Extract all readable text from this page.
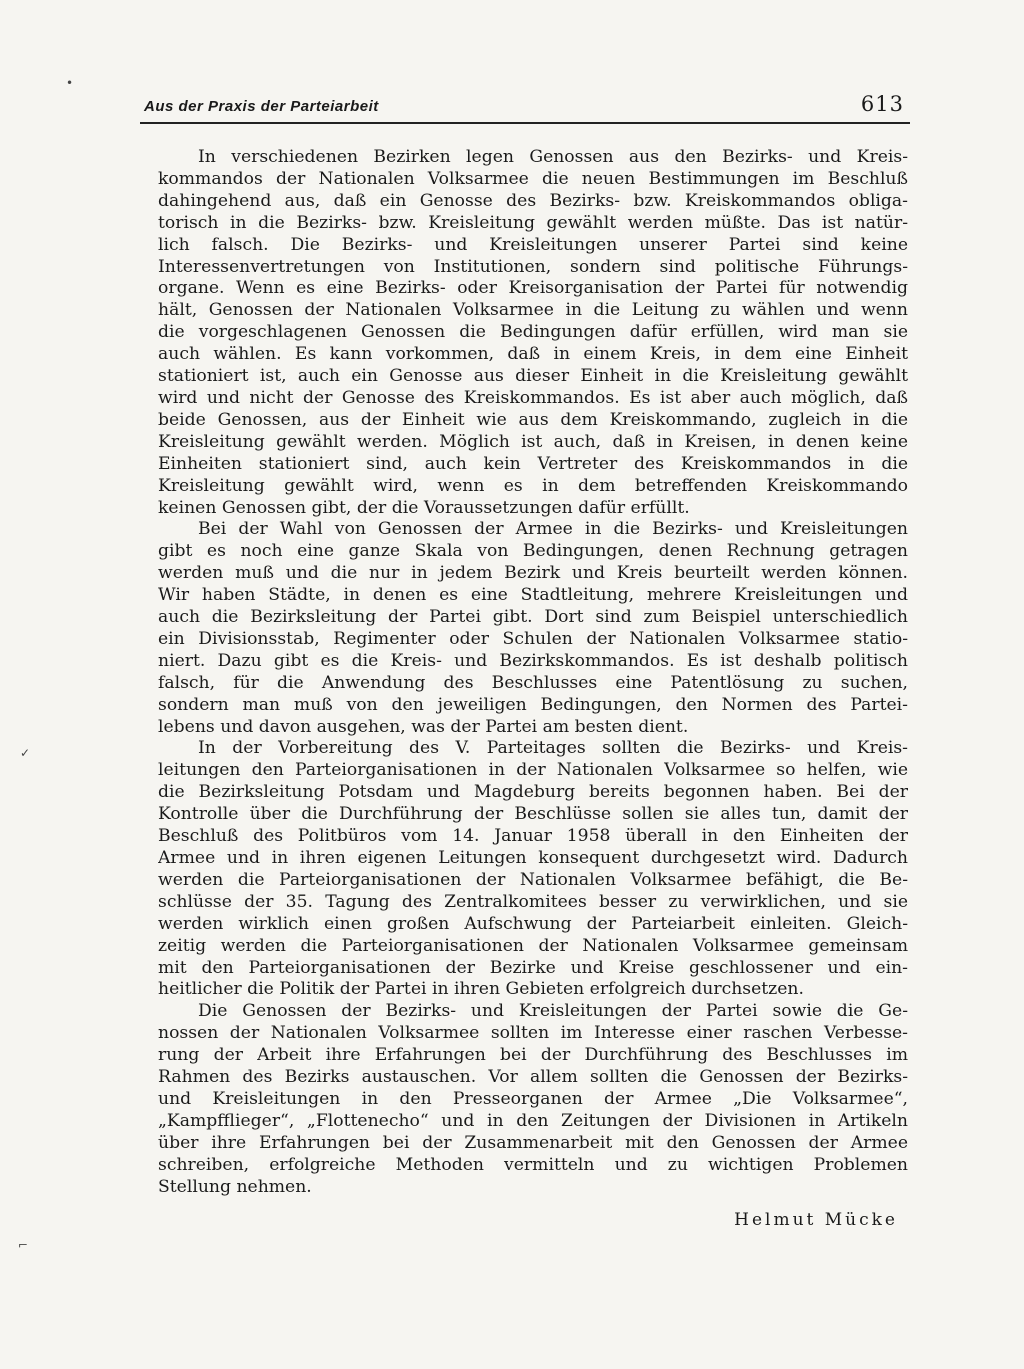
•
✓
⌐
Aus der Praxis der Parteiarbeit	613
In verschiedenen Bezirken legen Genossen aus den Bezirks- und Kreis-
kommandos der Nationalen Volksarmee die neuen Bestimmungen im Beschluß
dahingehend aus, daß ein Genosse des Bezirks- bzw. Kreiskommandos obliga-
torisch in die Bezirks- bzw. Kreisleitung gewählt werden müßte. Das ist natür-
lich falsch. Die Bezirks- und Kreisleitungen unserer Partei sind keine
Interessenvertretungen von Institutionen, sondern sind politische Führungs-
organe. Wenn es eine Bezirks- oder Kreisorganisation der Partei für notwendig
hält, Genossen der Nationalen Volksarmee in die Leitung zu wählen und wenn
die vorgeschlagenen Genossen die Bedingungen dafür erfüllen, wird man sie
auch wählen. Es kann vorkommen, daß in einem Kreis, in dem eine Einheit
stationiert ist, auch ein Genosse aus dieser Einheit in die Kreisleitung gewählt
wird und nicht der Genosse des Kreiskommandos. Es ist aber auch möglich, daß
beide Genossen, aus der Einheit wie aus dem Kreiskommando, zugleich in die
Kreisleitung gewählt werden. Möglich ist auch, daß in Kreisen, in denen keine
Einheiten stationiert sind, auch kein Vertreter des Kreiskommandos in die
Kreisleitung gewählt wird, wenn es in dem betreffenden Kreiskommando
keinen Genossen gibt, der die Voraussetzungen dafür erfüllt.
Bei der Wahl von Genossen der Armee in die Bezirks- und Kreisleitungen
gibt es noch eine ganze Skala von Bedingungen, denen Rechnung getragen
werden muß und die nur in jedem Bezirk und Kreis beurteilt werden können.
Wir haben Städte, in denen es eine Stadtleitung, mehrere Kreisleitungen und
auch die Bezirksleitung der Partei gibt. Dort sind zum Beispiel unterschiedlich
ein Divisionsstab, Regimenter oder Schulen der Nationalen Volksarmee statio-
niert. Dazu gibt es die Kreis- und Bezirkskommandos. Es ist deshalb politisch
falsch, für die Anwendung des Beschlusses eine Patentlösung zu suchen,
sondern man muß von den jeweiligen Bedingungen, den Normen des Partei-
lebens und davon ausgehen, was der Partei am besten dient.
In der Vorbereitung des V. Parteitages sollten die Bezirks- und Kreis-
leitungen den Parteiorganisationen in der Nationalen Volksarmee so helfen, wie
die Bezirksleitung Potsdam und Magdeburg bereits begonnen haben. Bei der
Kontrolle über die Durchführung der Beschlüsse sollen sie alles tun, damit der
Beschluß des Politbüros vom 14. Januar 1958 überall in den Einheiten der
Armee und in ihren eigenen Leitungen konsequent durchgesetzt wird. Dadurch
werden die Parteiorganisationen der Nationalen Volksarmee befähigt, die Be-
schlüsse der 35. Tagung des Zentralkomitees besser zu verwirklichen, und sie
werden wirklich einen großen Aufschwung der Parteiarbeit einleiten. Gleich-
zeitig werden die Parteiorganisationen der Nationalen Volksarmee gemeinsam
mit den Parteiorganisationen der Bezirke und Kreise geschlossener und ein-
heitlicher die Politik der Partei in ihren Gebieten erfolgreich durchsetzen.
Die Genossen der Bezirks- und Kreisleitungen der Partei sowie die Ge-
nossen der Nationalen Volksarmee sollten im Interesse einer raschen Verbesse-
rung der Arbeit ihre Erfahrungen bei der Durchführung des Beschlusses im
Rahmen des Bezirks austauschen. Vor allem sollten die Genossen der Bezirks-
und Kreisleitungen in den Presseorganen der Armee „Die Volksarmee“,
„Kampfflieger“, „Flottenecho“ und in den Zeitungen der Divisionen in Artikeln
über ihre Erfahrungen bei der Zusammenarbeit mit den Genossen der Armee
schreiben, erfolgreiche Methoden vermitteln und zu wichtigen Problemen
Stellung nehmen.
Helmut Mücke
